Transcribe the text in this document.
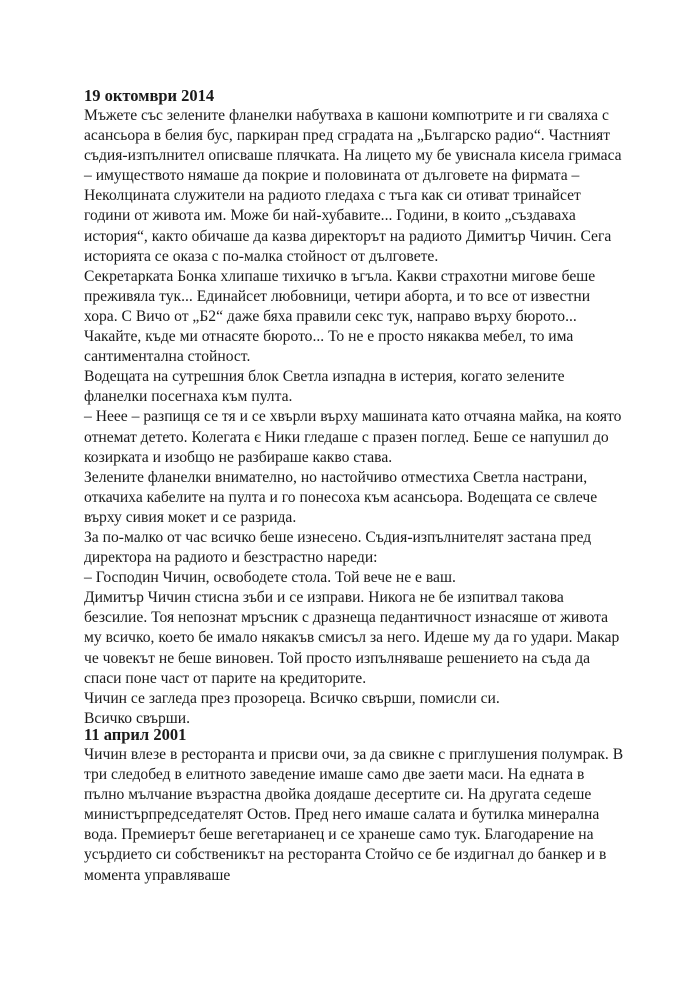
19 октомври 2014

Мъжете със зелените фланелки набутваха в кашони компютрите и ги сваляха с асансьора в белия бус, паркиран пред сградата на „Българско радио“. Частният съдия-изпълнител описваше плячката. На лицето му бе увиснала кисела гримаса – имуществото нямаше да покрие и половината от дълговете на фирмата –

Неколцината служители на радиото гледаха с тъга как си отиват тринайсет години от живота им. Може би най-хубавите... Години, в които „създаваха история“, както обичаше да казва директорът на радиото Димитър Чичин. Сега историята се оказа с по-малка стойност от дълговете.

Секретарката Бонка хлипаше тихичко в ъгъла. Какви страхотни мигове беше преживяла тук... Единайсет любовници, четири аборта, и то все от известни хора. С Вичо от „Б2“ даже бяха правили секс тук, направо върху бюрото... Чакайте, къде ми отнасяте бюрото... То не е просто някаква мебел, то има сантиментална стойност.

Водещата на сутрешния блок Светла изпадна в истерия, когато зелените фланелки посегнаха към пулта.

– Нeee – разпищя се тя и се хвърли върху машината като отчаяна майка, на която отнемат детето. Колегата є Ники гледаше с празен поглед. Беше се напушил до козирката и изобщо не разбираше какво става.

Зелените фланелки внимателно, но настойчиво отместиха Светла настрани, откачиха кабелите на пулта и го понесоха към асансьора. Водещата се свлече върху сивия мокет и се разрида.

За по-малко от час всичко беше изнесено. Съдия-изпълнителят застана пред директора на радиото и безстрастно нареди:

– Господин Чичин, освободете стола. Той вече не е ваш.

Димитър Чичин стисна зъби и се изправи. Никога не бе изпитвал такова безсилие. Тоя непознат мръсник с дразнеща педантичност изнасяше от живота му всичко, което бе имало някакъв смисъл за него. Идеше му да го удари. Макар че човекът не беше виновен. Той просто изпълняваше решението на съда да спаси поне част от парите на кредиторите.

Чичин се загледа през прозореца. Всичко свърши, помисли си.

Всичко свърши.

11 април 2001

Чичин влезе в ресторанта и присви очи, за да свикне с приглушения полумрак. В три следобед в елитното заведение имаше само две заети маси. На едната в пълно мълчание възрастна двойка доядаше десертите си. На другата седеше министърпредседателят Остов. Пред него имаше салата и бутилка минерална вода. Премиерът беше вегетарианец и се хранеше само тук. Благодарение на усърдието си собственикът на ресторанта Стойчо се бе издигнал до банкер и в момента управляваше
